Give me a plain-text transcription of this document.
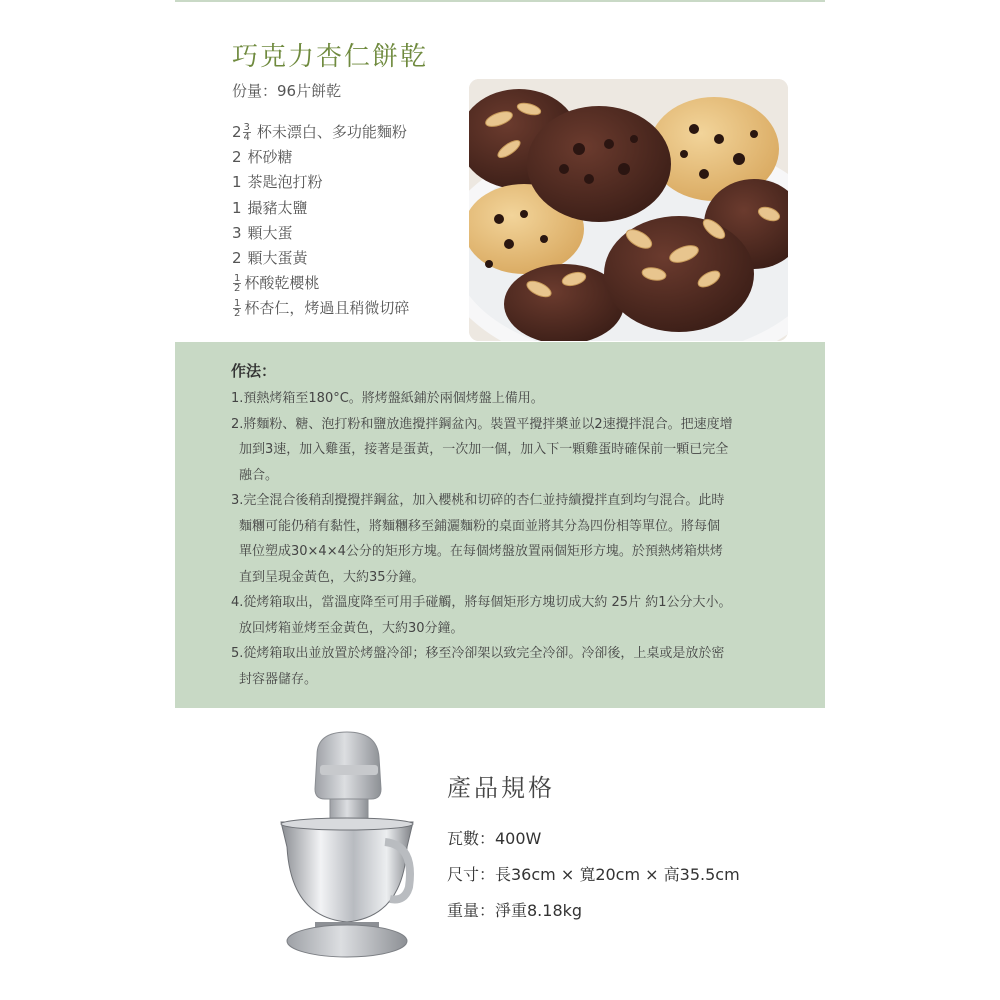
巧克力杏仁餅乾
份量：96片餅乾
$2 \frac{3}{4}$ 杯未漂白、多功能麵粉
2 杯砂糖
1 茶匙泡打粉
1 撮豬太鹽
3 顆大蛋
2 顆大蛋黃
$\frac{1}{2}$ 杯酸乾櫻桃
$\frac{1}{2}$ 杯杏仁，烤過且稍微切碎
作法：
1.預熱烤箱至180°C。將烤盤紙鋪於兩個烤盤上備用。
2.將麵粉、糖、泡打粉和鹽放進攪拌鋼盆內。裝置平攪拌槳並以2速攪拌混合。把速度增
加到3速，加入雞蛋，接著是蛋黃，一次加一個，加入下一顆雞蛋時確保前一顆已完全
融合。
3.完全混合後稍刮攪攪拌鋼盆，加入櫻桃和切碎的杏仁並持續攪拌直到均勻混合。此時
麵糰可能仍稍有黏性，將麵糰移至鋪灑麵粉的桌面並將其分為四份相等單位。將每個
單位塑成30×4×4公分的矩形方塊。在每個烤盤放置兩個矩形方塊。於預熱烤箱烘烤
直到呈現金黃色，大約35分鐘。
4.從烤箱取出，當溫度降至可用手碰觸，將每個矩形方塊切成大約 25片 約1公分大小。
放回烤箱並烤至金黃色，大約30分鐘。
5.從烤箱取出並放置於烤盤冷卻；移至冷卻架以致完全冷卻。冷卻後，上桌或是放於密
封容器儲存。
產品規格
瓦數：400W
尺寸：長36cm × 寬20cm × 高35.5cm
重量：淨重8.18kg
